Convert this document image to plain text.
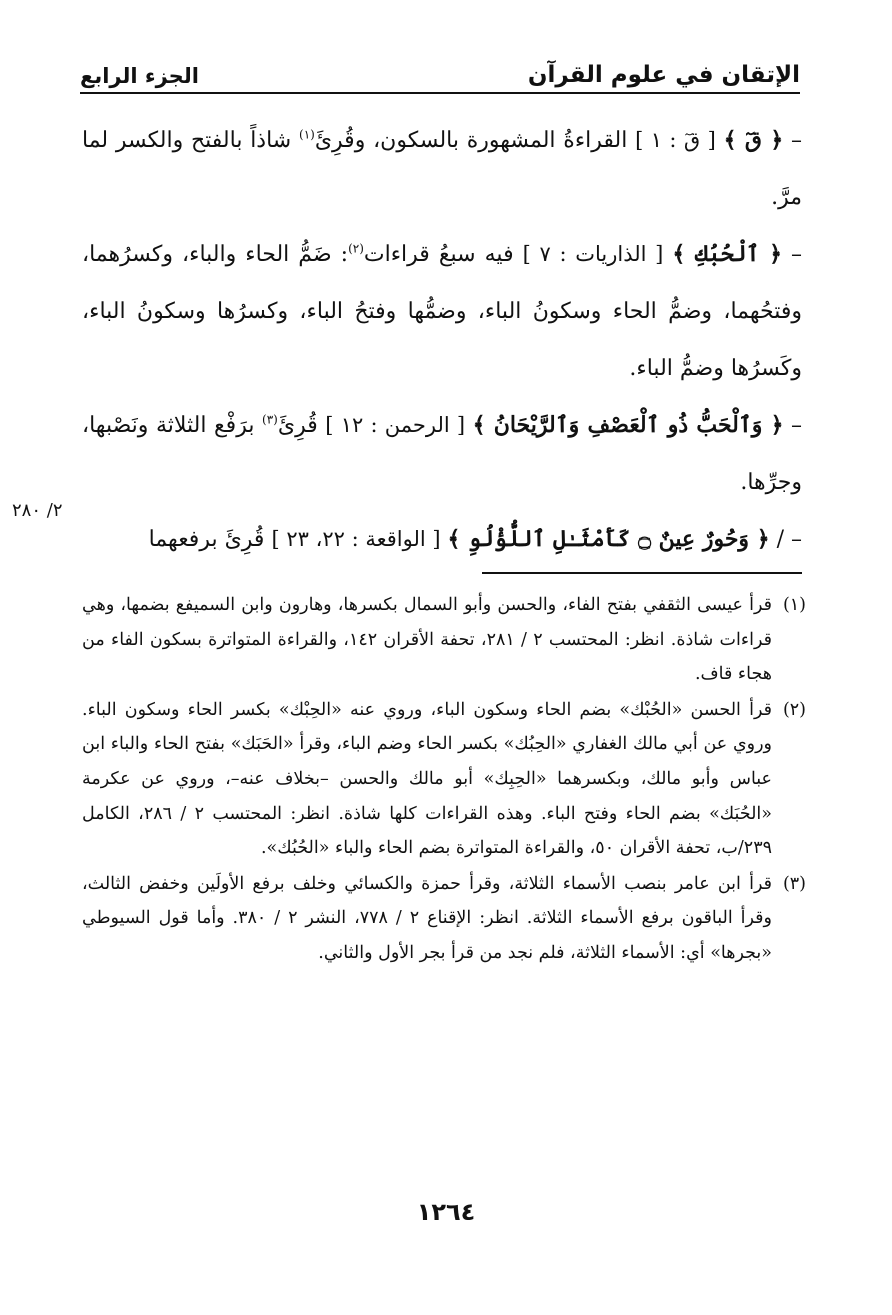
الإتقان في علوم القرآن
الجزء الرابع

– ﴿ قٓ ﴾ [ قٓ : ١ ] القراءةُ المشهورة بالسكون، وقُرِئَ$^{(١)}$ شاذاً بالفتح والكسر لما مرَّ.

– ﴿ ٱلْحُبُكِ ﴾ [ الذاريات : ٧ ] فيه سبعُ قراءات$^{(٢)}$: ضَمُّ الحاء والباء، وكسرُهما، وفتحُهما، وضمُّ الحاء وسكونُ الباء، وضمُّها وفتحُ الباء، وكسرُها وسكونُ الباء، وكَسرُها وضمُّ الباء.

– ﴿ وَٱلْحَبُّ ذُو ٱلْعَصْفِ وَٱلرَّيْحَانُ ﴾ [ الرحمن : ١٢ ] قُرِئَ$^{(٣)}$ برَفْع الثلاثة ونَصْبها، وجرِّها.

– / ﴿ وَحُورٌ عِينٌ ۝ كَأَمْثَـٰلِ ٱللُّؤْلُوِ ﴾ [ الواقعة : ٢٢، ٢٣ ] قُرِئَ برفعهما

٢/ ٢٨٠

(١)قرأ عيسى الثقفي بفتح الفاء، والحسن وأبو السمال بكسرها، وهارون وابن السميفع بضمها، وهي قراءات شاذة. انظر: المحتسب ٢ / ٢٨١، تحفة الأقران ١٤٢، والقراءة المتواترة بسكون الفاء من هجاء قاف.

(٢)قرأ الحسن «الحُبْك» بضم الحاء وسكون الباء، وروي عنه «الحِبْك» بكسر الحاء وسكون الباء. وروي عن أبي مالك الغفاري «الحِبُك» بكسر الحاء وضم الباء، وقرأ «الحَبَك» بفتح الحاء والباء ابن عباس وأبو مالك، وبكسرهما «الحِبِك» أبو مالك والحسن –بخلاف عنه–، وروي عن عكرمة «الحُبَك» بضم الحاء وفتح الباء. وهذه القراءات كلها شاذة. انظر: المحتسب ٢ / ٢٨٦، الكامل ٢٣٩/ب، تحفة الأقران ٥٠، والقراءة المتواترة بضم الحاء والباء «الحُبُك».

(٣)قرأ ابن عامر بنصب الأسماء الثلاثة، وقرأ حمزة والكسائي وخلف برفع الأولَين وخفض الثالث، وقرأ الباقون برفع الأسماء الثلاثة. انظر: الإقناع ٢ / ٧٧٨، النشر ٢ / ٣٨٠. وأما قول السيوطي «بجرها» أي: الأسماء الثلاثة، فلم نجد من قرأ بجر الأول والثاني.

١٢٦٤
